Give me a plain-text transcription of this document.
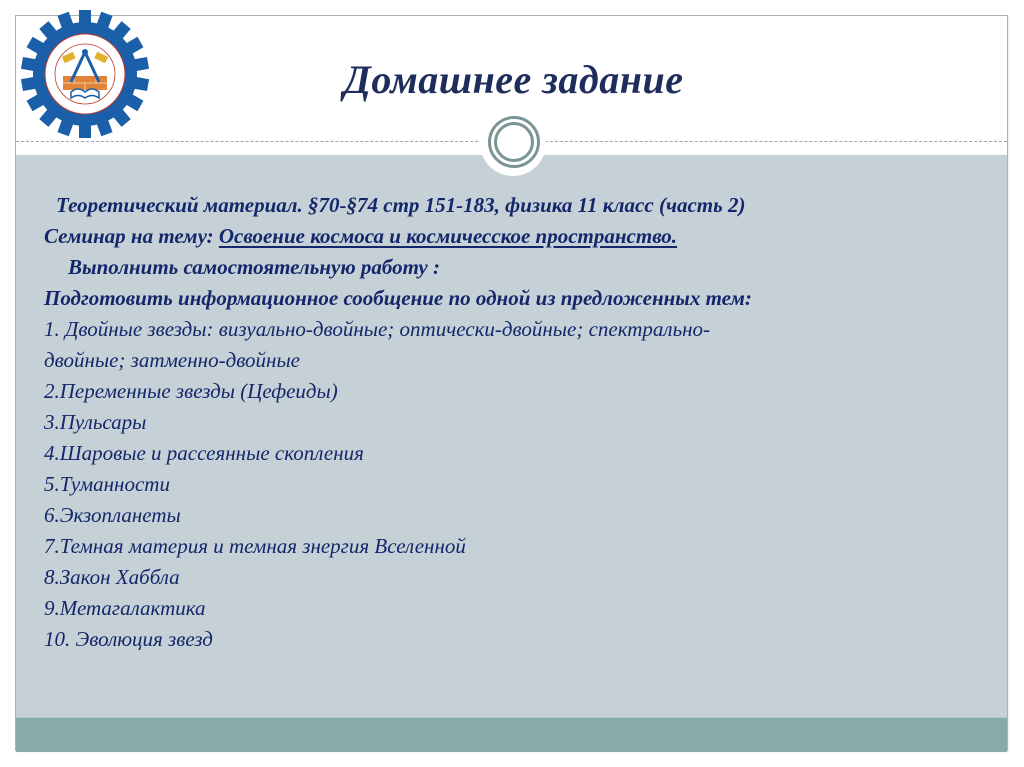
Домашнее задание
Теоретический материал. §70-§74 стр 151-183, физика 11 класс (часть 2)
Семинар на тему: Освоение космоса и космичесское пространство.
Выполнить самостоятельную работу :
Подготовить информационное сообщение по одной из предложенных тем:
1. Двойные звезды: визуально-двойные; оптически-двойные; спектрально-
двойные; затменно-двойные
2.Переменные звезды (Цефеиды)
3.Пульсары
4.Шаровые и рассеянные скопления
5.Туманности
6.Экзопланеты
7.Темная материя и темная знергия Вселенной
8.Закон Хаббла
9.Метагалактика
10. Эволюция звезд
